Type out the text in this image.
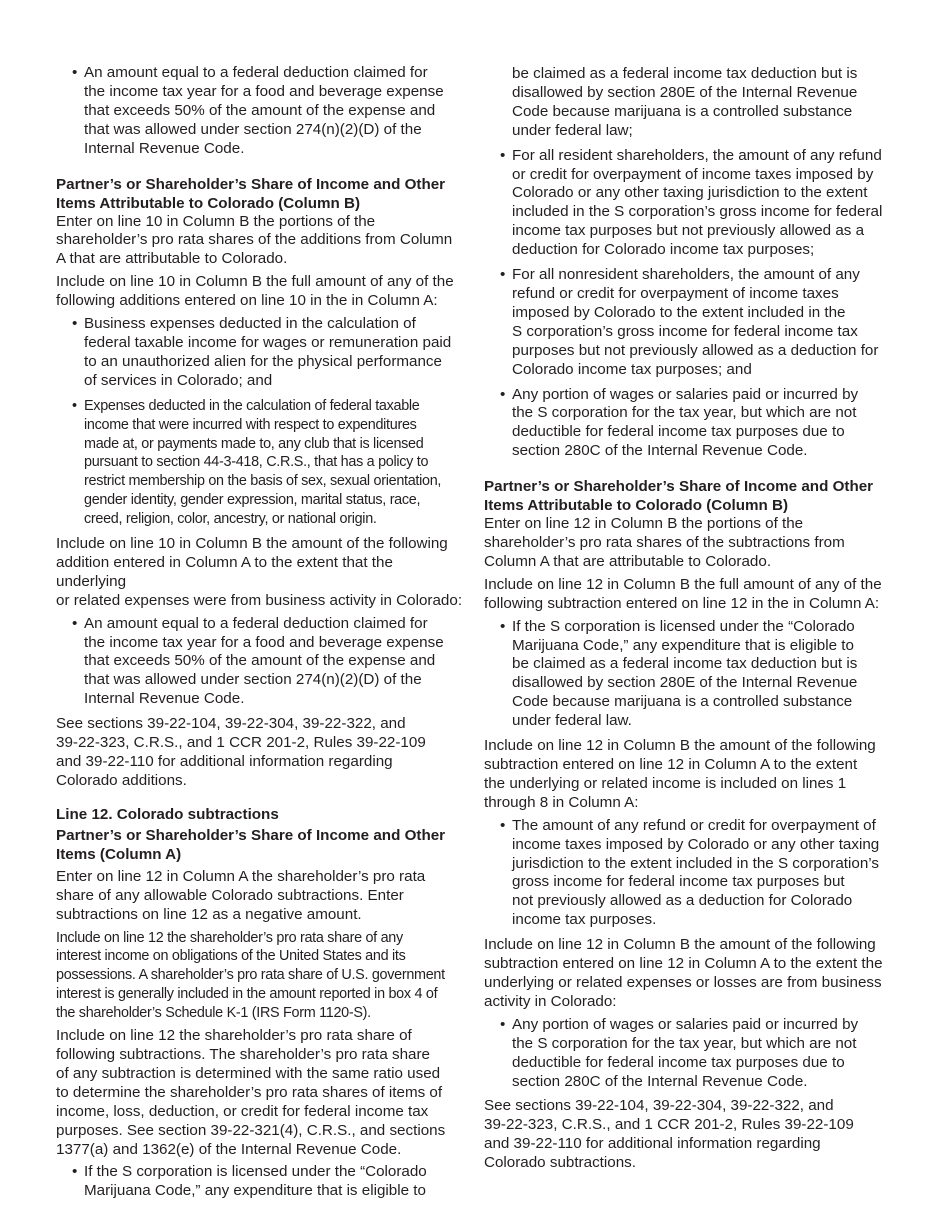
• An amount equal to a federal deduction claimed for
the income tax year for a food and beverage expense
that exceeds 50% of the amount of the expense and
that was allowed under section 274(n)(2)(D) of the
Internal Revenue Code.
Partner’s or Shareholder’s Share of Income and Other
Items Attributable to Colorado (Column B)

Enter on line 10 in Column B the portions of the
shareholder’s pro rata shares of the additions from Column
A that are attributable to Colorado.

Include on line 10 in Column B the full amount of any of the
following additions entered on line 10 in the in Column A:

• Business expenses deducted in the calculation of
federal taxable income for wages or remuneration paid
to an unauthorized alien for the physical performance
of services in Colorado; and
• Expenses deducted in the calculation of federal taxable
income that were incurred with respect to expenditures
made at, or payments made to, any club that is licensed
pursuant to section 44-3-418, C.R.S., that has a policy to
restrict membership on the basis of sex, sexual orientation,
gender identity, gender expression, marital status, race,
creed, religion, color, ancestry, or national origin.

Include on line 10 in Column B the amount of the following
addition entered in Column A to the extent that the underlying
or related expenses were from business activity in Colorado:

• An amount equal to a federal deduction claimed for
the income tax year for a food and beverage expense
that exceeds 50% of the amount of the expense and
that was allowed under section 274(n)(2)(D) of the
Internal Revenue Code.

See sections 39-22-104, 39-22-304, 39-22-322, and
39-22-323, C.R.S., and 1 CCR 201-2, Rules 39-22-109
and 39-22-110 for additional information regarding
Colorado additions.

Line 12. Colorado subtractions
Partner’s or Shareholder’s Share of Income and Other
Items (Column A)

Enter on line 12 in Column A the shareholder’s pro rata
share of any allowable Colorado subtractions. Enter
subtractions on line 12 as a negative amount.

Include on line 12 the shareholder’s pro rata share of any
interest income on obligations of the United States and its
possessions. A shareholder’s pro rata share of U.S. government
interest is generally included in the amount reported in box 4 of
the shareholder’s Schedule K-1 (IRS Form 1120-S).

Include on line 12 the shareholder’s pro rata share of
following subtractions. The shareholder’s pro rata share
of any subtraction is determined with the same ratio used
to determine the shareholder’s pro rata shares of items of
income, loss, deduction, or credit for federal income tax
purposes. See section 39-22-321(4), C.R.S., and sections
1377(a) and 1362(e) of the Internal Revenue Code.

• If the S corporation is licensed under the “Colorado
Marijuana Code,” any expenditure that is eligible to
be claimed as a federal income tax deduction but is
disallowed by section 280E of the Internal Revenue
Code because marijuana is a controlled substance
under federal law;
• For all resident shareholders, the amount of any refund
or credit for overpayment of income taxes imposed by
Colorado or any other taxing jurisdiction to the extent
included in the S corporation’s gross income for federal
income tax purposes but not previously allowed as a
deduction for Colorado income tax purposes;
• For all nonresident shareholders, the amount of any
refund or credit for overpayment of income taxes
imposed by Colorado to the extent included in the
S corporation’s gross income for federal income tax
purposes but not previously allowed as a deduction for
Colorado income tax purposes; and
• Any portion of wages or salaries paid or incurred by
the S corporation for the tax year, but which are not
deductible for federal income tax purposes due to
section 280C of the Internal Revenue Code.
Partner’s or Shareholder’s Share of Income and Other
Items Attributable to Colorado (Column B)

Enter on line 12 in Column B the portions of the
shareholder’s pro rata shares of the subtractions from
Column A that are attributable to Colorado.

Include on line 12 in Column B the full amount of any of the
following subtraction entered on line 12 in the in Column A:

• If the S corporation is licensed under the “Colorado
Marijuana Code,” any expenditure that is eligible to
be claimed as a federal income tax deduction but is
disallowed by section 280E of the Internal Revenue
Code because marijuana is a controlled substance
under federal law.

Include on line 12 in Column B the amount of the following
subtraction entered on line 12 in Column A to the extent
the underlying or related income is included on lines 1
through 8 in Column A:

• The amount of any refund or credit for overpayment of
income taxes imposed by Colorado or any other taxing
jurisdiction to the extent included in the S corporation’s
gross income for federal income tax purposes but
not previously allowed as a deduction for Colorado
income tax purposes.

Include on line 12 in Column B the amount of the following
subtraction entered on line 12 in Column A to the extent the
underlying or related expenses or losses are from business
activity in Colorado:

• Any portion of wages or salaries paid or incurred by
the S corporation for the tax year, but which are not
deductible for federal income tax purposes due to
section 280C of the Internal Revenue Code.

See sections 39-22-104, 39-22-304, 39-22-322, and
39-22-323, C.R.S., and 1 CCR 201-2, Rules 39-22-109
and 39-22-110 for additional information regarding
Colorado subtractions.
